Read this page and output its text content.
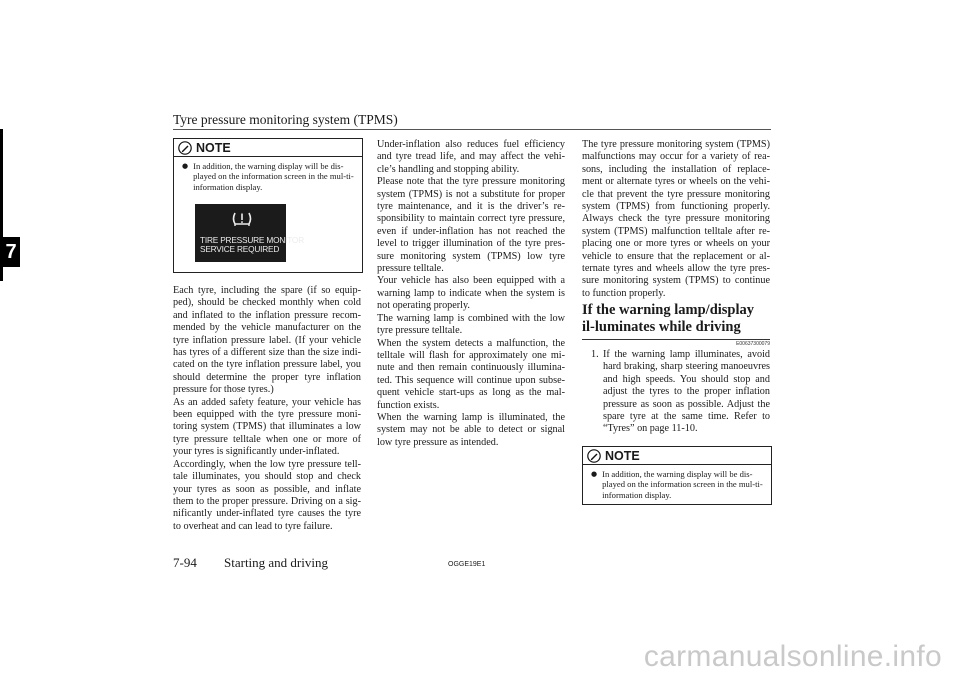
Tyre pressure monitoring system (TPMS)
7
NOTE
● In addition, the warning display will be dis-played on the information screen in the mul-ti-information display.
TIRE PRESSURE MONITOR
SERVICE REQUIRED

Each tyre, including the spare (if so equip-ped), should be checked monthly when cold and inflated to the inflation pressure recom-mended by the vehicle manufacturer on the tyre inflation pressure label. (If your vehicle has tyres of a different size than the size indi-cated on the tyre inflation pressure label, you should determine the proper tyre inflation pressure for those tyres.)

As an added safety feature, your vehicle has been equipped with the tyre pressure moni-toring system (TPMS) that illuminates a low tyre pressure telltale when one or more of your tyres is significantly under-inflated.

Accordingly, when the low tyre pressure tell-tale illuminates, you should stop and check your tyres as soon as possible, and inflate them to the proper pressure. Driving on a sig-nificantly under-inflated tyre causes the tyre to overheat and can lead to tyre failure.

Under-inflation also reduces fuel efficiency and tyre tread life, and may affect the vehi-cle’s handling and stopping ability.

Please note that the tyre pressure monitoring system (TPMS) is not a substitute for proper tyre maintenance, and it is the driver’s re-sponsibility to maintain correct tyre pressure, even if under-inflation has not reached the level to trigger illumination of the tyre pres-sure monitoring system (TPMS) low tyre pressure telltale.

Your vehicle has also been equipped with a warning lamp to indicate when the system is not operating properly.

The warning lamp is combined with the low tyre pressure telltale.

When the system detects a malfunction, the telltale will flash for approximately one mi-nute and then remain continuously illumina-ted. This sequence will continue upon subse-quent vehicle start-ups as long as the mal-function exists.

When the warning lamp is illuminated, the system may not be able to detect or signal low tyre pressure as intended.

The tyre pressure monitoring system (TPMS) malfunctions may occur for a variety of rea-sons, including the installation of replace-ment or alternate tyres or wheels on the vehi-cle that prevent the tyre pressure monitoring system (TPMS) from functioning properly. Always check the tyre pressure monitoring system (TPMS) malfunction telltale after re-placing one or more tyres or wheels on your vehicle to ensure that the replacement or al-ternate tyres and wheels allow the tyre pres-sure monitoring system (TPMS) to continue to function properly.

If the warning lamp/display il-luminates while driving
E00637300079
1. If the warning lamp illuminates, avoid hard braking, sharp steering manoeuvres and high speeds. You should stop and adjust the tyres to the proper inflation pressure as soon as possible. Adjust the spare tyre at the same time. Refer to “Tyres” on page 11-10.
NOTE
● In addition, the warning display will be dis-played on the information screen in the mul-ti-information display.
7-94 Starting and driving	OGGE19E1
carmanualsonline.info
